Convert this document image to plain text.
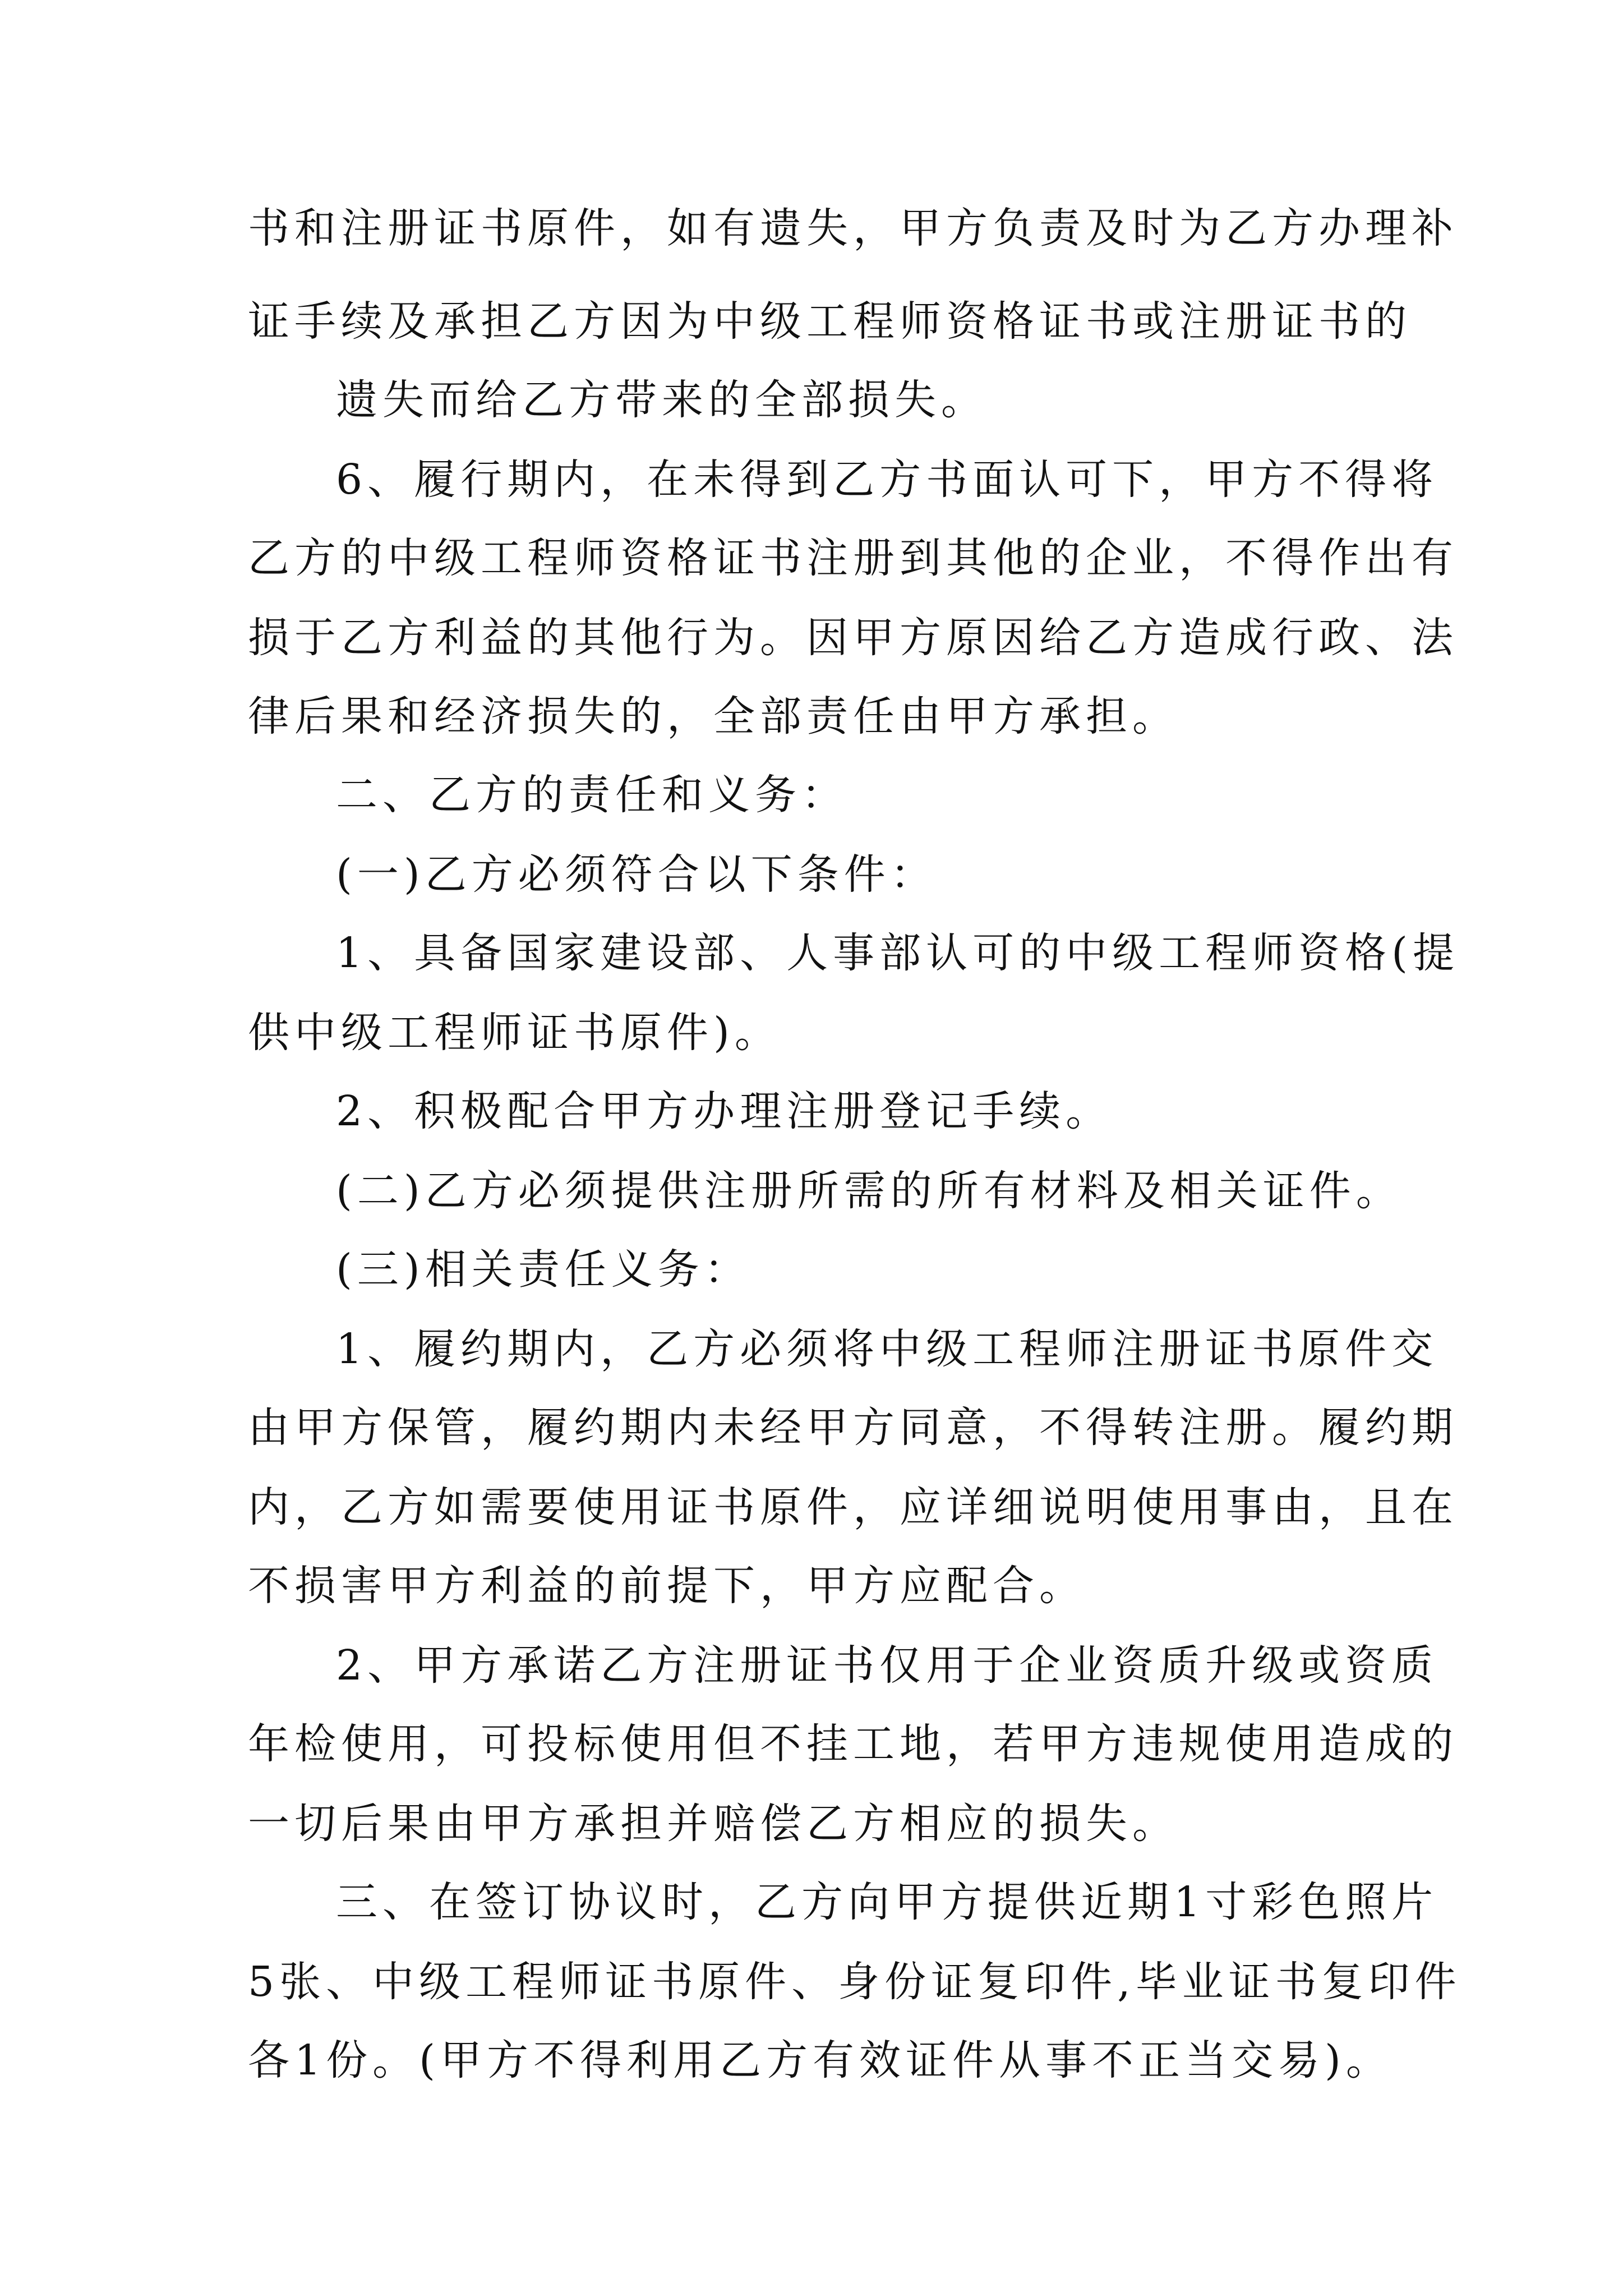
书和注册证书原件，如有遗失，甲方负责及时为乙方办理补
证手续及承担乙方因为中级工程师资格证书或注册证书的
遗失而给乙方带来的全部损失。
6、履行期内，在未得到乙方书面认可下，甲方不得将
乙方的中级工程师资格证书注册到其他的企业，不得作出有
损于乙方利益的其他行为。因甲方原因给乙方造成行政、法
律后果和经济损失的，全部责任由甲方承担。
二、乙方的责任和义务：
(一)乙方必须符合以下条件：
1、具备国家建设部、人事部认可的中级工程师资格(提
供中级工程师证书原件)。
2、积极配合甲方办理注册登记手续。
(二)乙方必须提供注册所需的所有材料及相关证件。
(三)相关责任义务：
1、履约期内，乙方必须将中级工程师注册证书原件交
由甲方保管，履约期内未经甲方同意，不得转注册。履约期
内，乙方如需要使用证书原件，应详细说明使用事由，且在
不损害甲方利益的前提下，甲方应配合。
2、甲方承诺乙方注册证书仅用于企业资质升级或资质
年检使用，可投标使用但不挂工地，若甲方违规使用造成的
一切后果由甲方承担并赔偿乙方相应的损失。
三、在签订协议时，乙方向甲方提供近期1寸彩色照片
5张、中级工程师证书原件、身份证复印件,毕业证书复印件
各1份。(甲方不得利用乙方有效证件从事不正当交易)。
